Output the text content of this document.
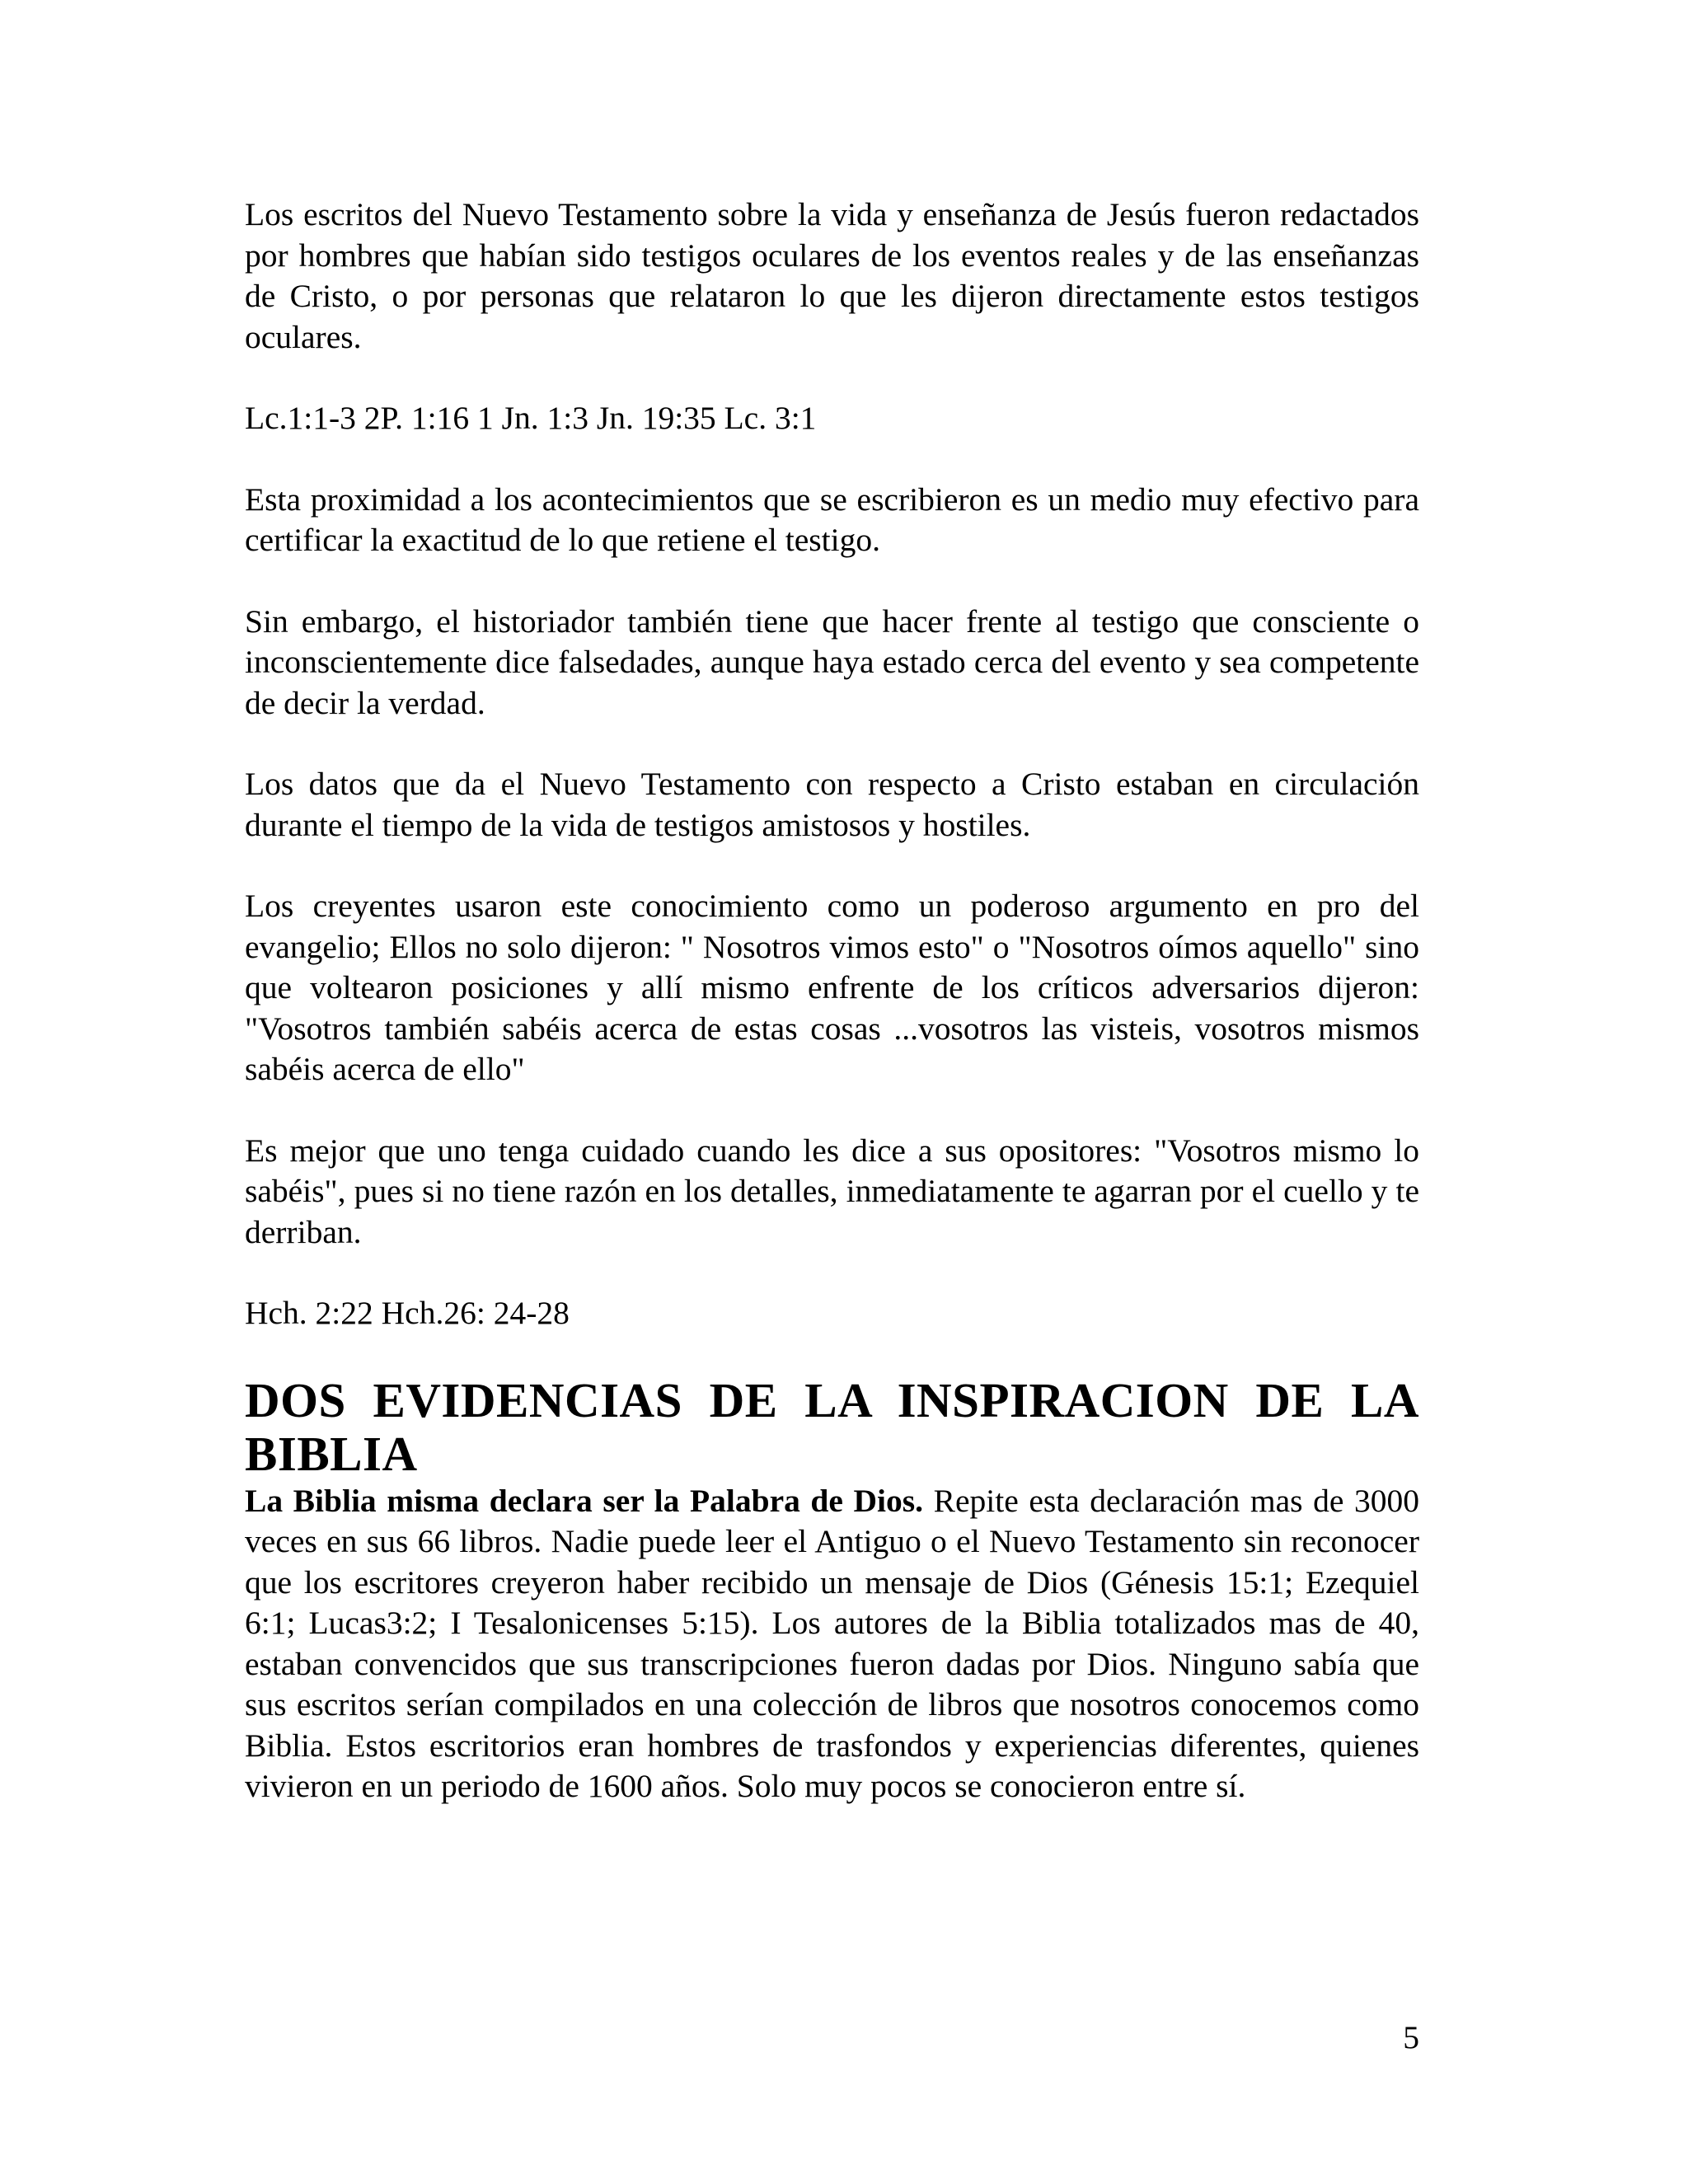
Los escritos del Nuevo Testamento sobre la vida y enseñanza de Jesús fueron redactados por hombres que habían sido testigos oculares de los eventos reales y de las enseñanzas de Cristo, o por personas que relataron lo que les dijeron directamente estos testigos oculares.

Lc.1:1-3 2P. 1:16 1 Jn. 1:3 Jn. 19:35 Lc. 3:1

Esta proximidad a los acontecimientos que se escribieron es un medio muy efectivo para certificar la exactitud de lo que retiene el testigo.

Sin embargo, el historiador también tiene que hacer frente al testigo que consciente o inconscientemente dice falsedades, aunque haya estado cerca del evento y sea competente de decir la verdad.

Los datos que da el Nuevo Testamento con respecto a Cristo estaban en circulación durante el tiempo de la vida de testigos amistosos y hostiles.

Los creyentes usaron este conocimiento como un poderoso argumento en pro del evangelio; Ellos no solo dijeron: " Nosotros vimos esto" o "Nosotros oímos aquello" sino que voltearon posiciones y allí mismo enfrente de los críticos adversarios dijeron: "Vosotros también sabéis acerca de estas cosas ...vosotros las visteis, vosotros mismos sabéis acerca de ello"

Es mejor que uno tenga cuidado cuando les dice a sus opositores: "Vosotros mismo lo sabéis", pues si no tiene razón en los detalles, inmediatamente te agarran por el cuello y te derriban.

Hch. 2:22 Hch.26: 24-28

DOS EVIDENCIAS DE LA INSPIRACION DE LA BIBLIA

La Biblia misma declara ser la Palabra de Dios. Repite esta declaración mas de 3000 veces en sus 66 libros. Nadie puede leer el Antiguo o el Nuevo Testamento sin reconocer que los escritores creyeron haber recibido un mensaje de Dios (Génesis 15:1; Ezequiel 6:1; Lucas3:2; I Tesalonicenses 5:15). Los autores de la Biblia totalizados mas de 40, estaban convencidos que sus transcripciones fueron dadas por Dios. Ninguno sabía que sus escritos serían compilados en una colección de libros que nosotros conocemos como Biblia. Estos escritorios eran hombres de trasfondos y experiencias diferentes, quienes vivieron en un periodo de 1600 años. Solo muy pocos se conocieron entre sí.

5
